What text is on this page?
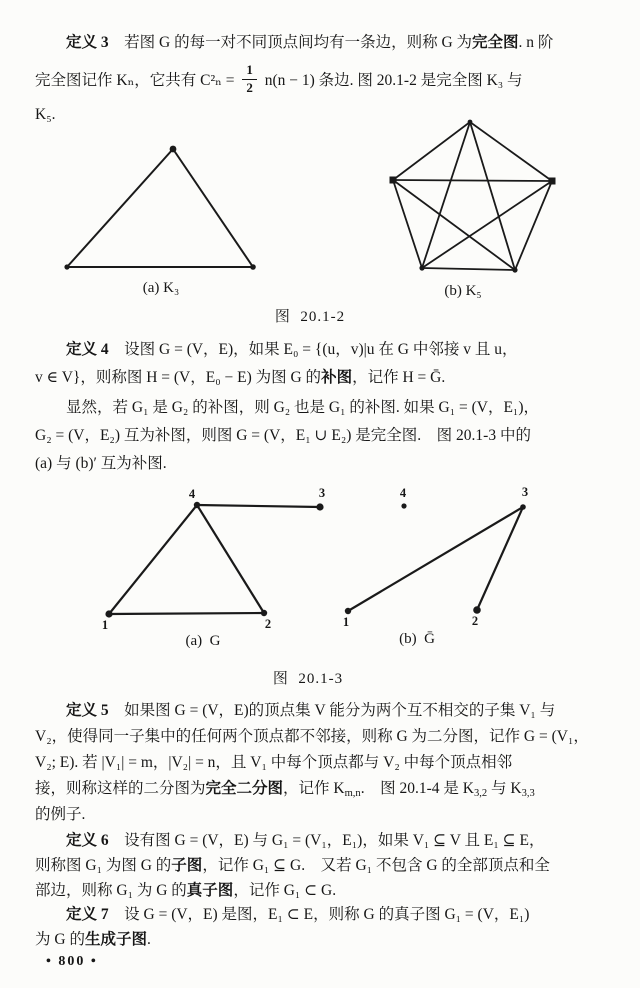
定义 3　若图 G 的每一对不同顶点间均有一条边，则称 G 为完全图. n 阶
完全图记作 Kₙ，它共有 $C^2_n = \frac{1}{2} n(n - 1)$ 条边. 图 20.1-2 是完全图 K₃ 与
K₅.
(a) K₃	(b) K₅
图  20.1-2
定义 4　设图 G = (V，E)，如果 E₀ = {(u，v)|u 在 G 中邻接 v 且 u，
v ∈ V}，则称图 H = (V，E₀ − E) 为图 G 的补图，记作 H = Ḡ.
显然，若 G₁ 是 G₂ 的补图，则 G₂ 也是 G₁ 的补图. 如果 G₁ = (V，E₁)，
G₂ = (V，E₂) 互为补图，则图 G = (V，E₁ ∪ E₂) 是完全图.　图 20.1-3 中的
(a) 与 (b)′ 互为补图.
4	3
1	2
4	3
1	2
(a)  G	(b)  Ḡ
图  20.1-3
定义 5　如果图 G = (V，E)的顶点集 V 能分为两个互不相交的子集 V₁ 与
V₂，使得同一子集中的任何两个顶点都不邻接，则称 G 为二分图，记作 G = (V₁，
V₂; E). 若 |V₁| = m，|V₂| = n，且 V₁ 中每个顶点都与 V₂ 中每个顶点相邻
接，则称这样的二分图为完全二分图，记作 Km,n.　图 20.1-4 是 K3,2 与 K3,3
的例子.
定义 6　设有图 G = (V，E) 与 G₁ = (V₁，E₁)，如果 V₁ ⊆ V 且 E₁ ⊆ E，
则称图 G₁ 为图 G 的子图，记作 G₁ ⊆ G.　又若 G₁ 不包含 G 的全部顶点和全
部边，则称 G₁ 为 G 的真子图，记作 G₁ ⊂ G.
定义 7　设 G = (V，E) 是图，E₁ ⊂ E，则称 G 的真子图 G₁ = (V，E₁)
为 G 的生成子图.
• 800 •
